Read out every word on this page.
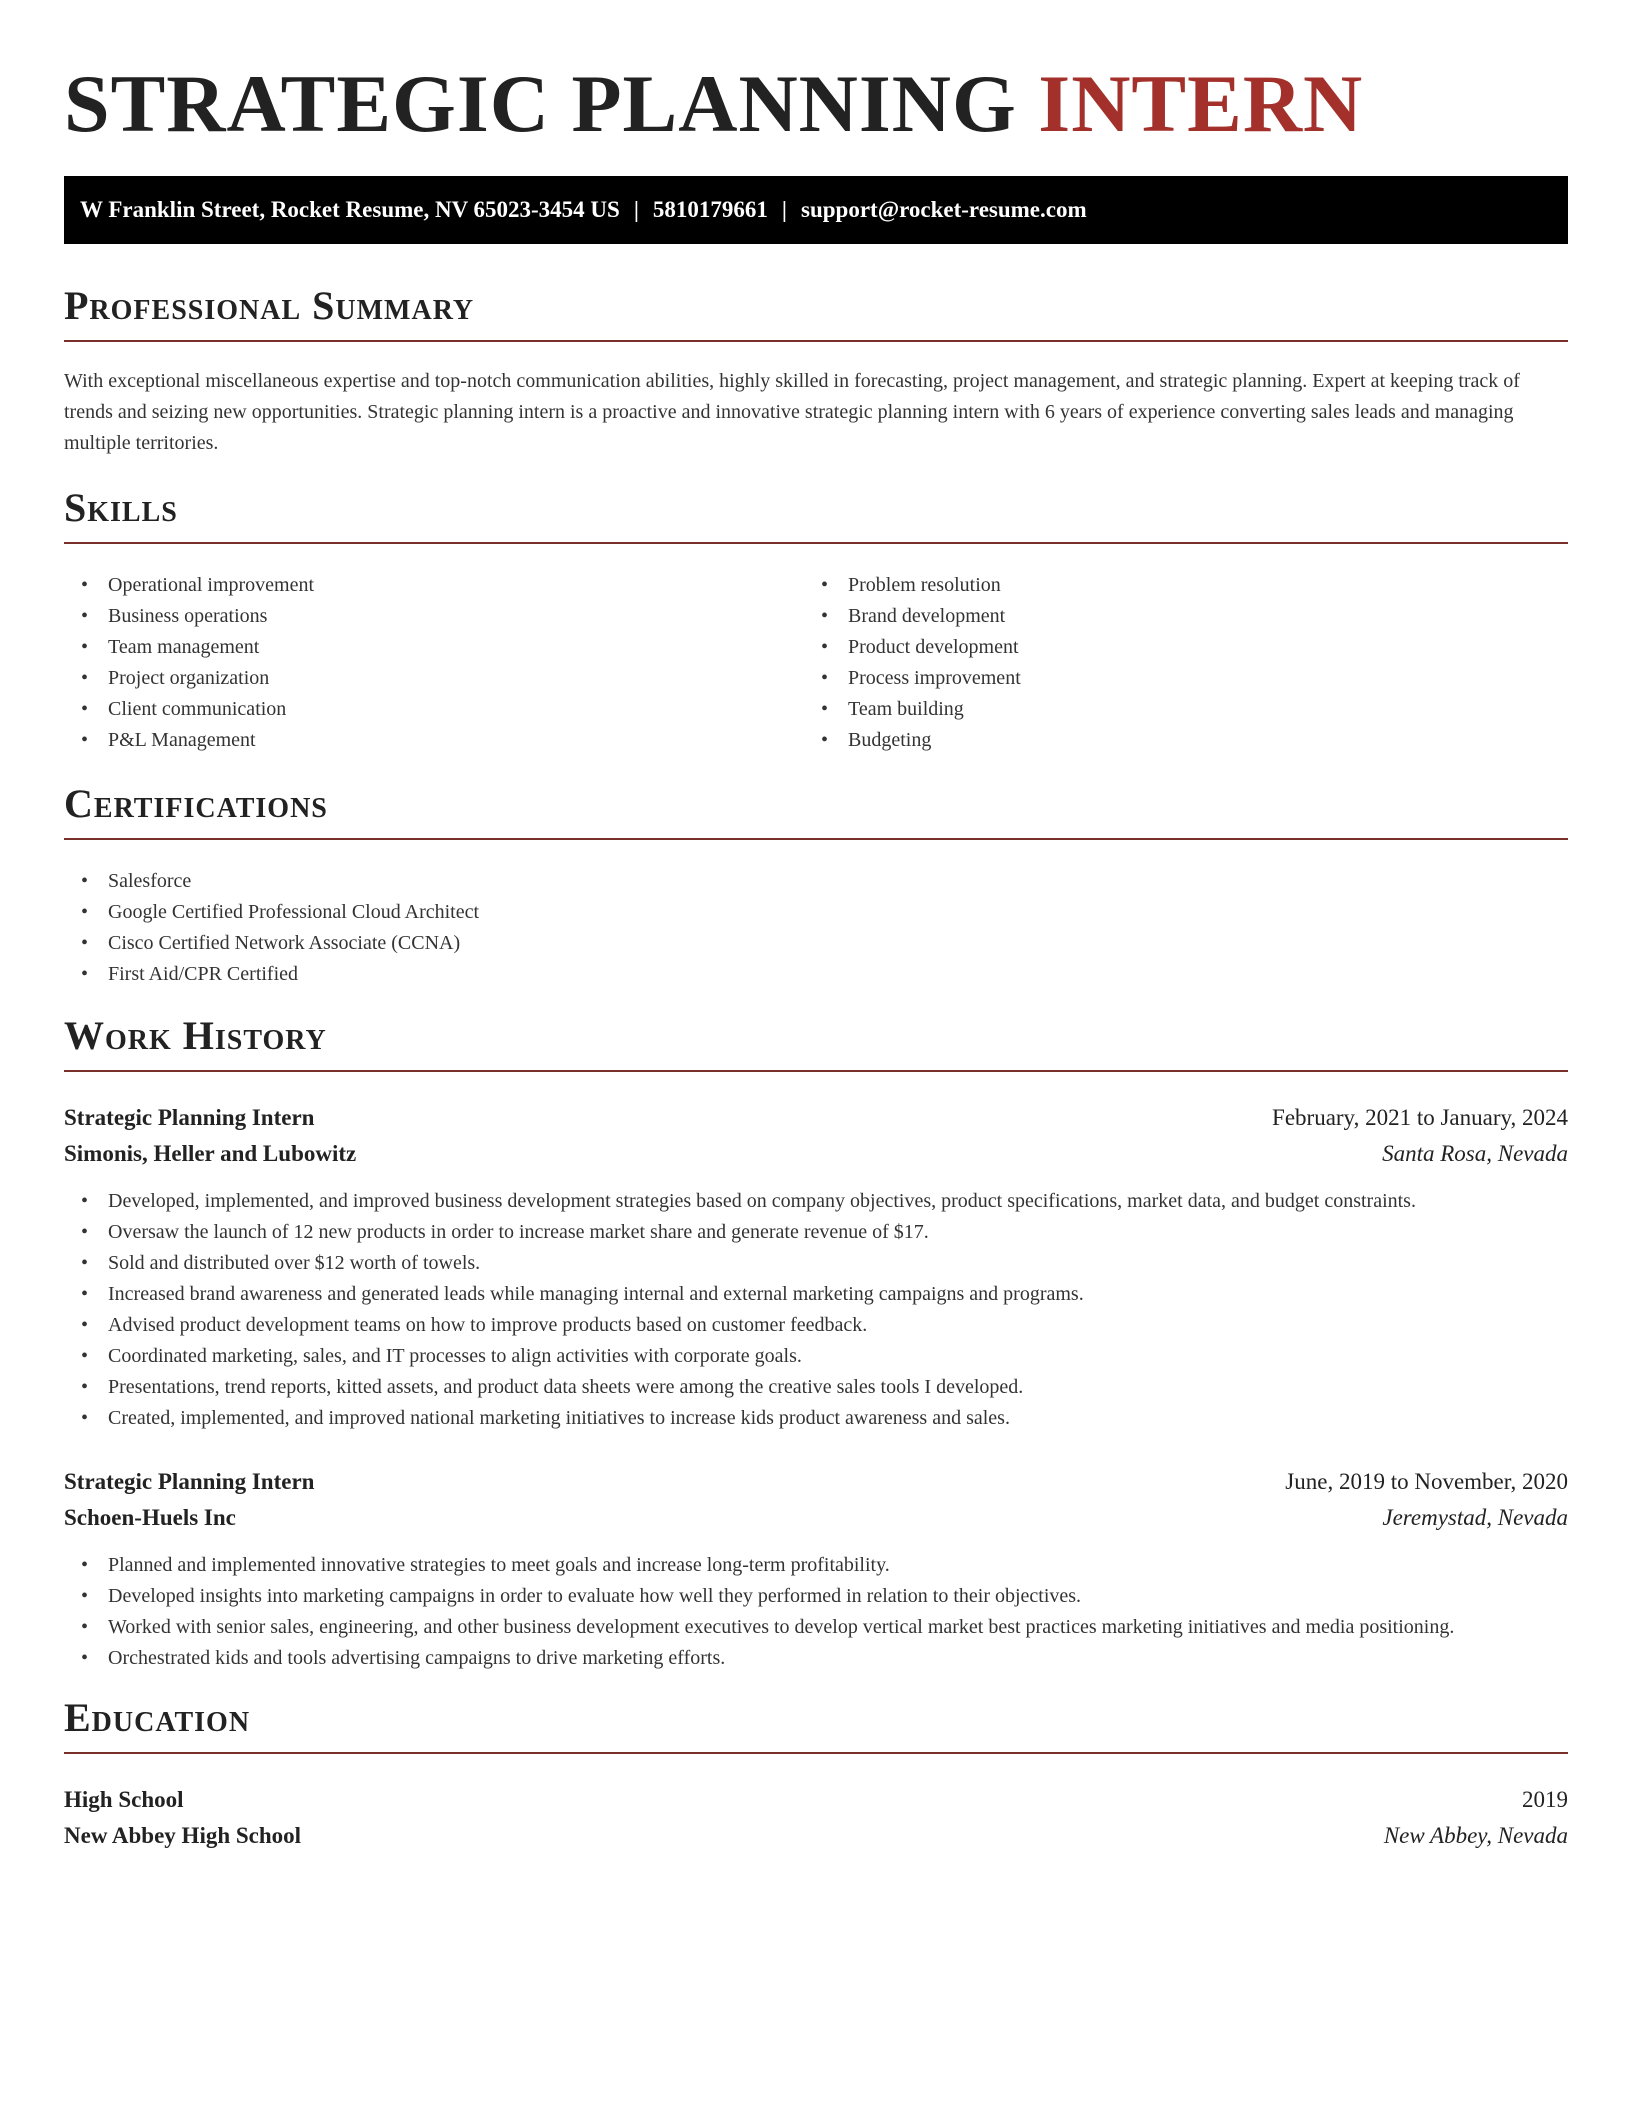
STRATEGIC PLANNING INTERN
W Franklin Street, Rocket Resume, NV 65023-3454 US | 5810179661 | support@rocket-resume.com
Professional Summary

With exceptional miscellaneous expertise and top-notch communication abilities, highly skilled in forecasting, project management, and strategic planning. Expert at keeping track of trends and seizing new opportunities. Strategic planning intern is a proactive and innovative strategic planning intern with 6 years of experience converting sales leads and managing multiple territories.

Skills
• Operational improvement
• Business operations
• Team management
• Project organization
• Client communication
• P&L Management
• Problem resolution
• Brand development
• Product development
• Process improvement
• Team building
• Budgeting
Certifications
• Salesforce
• Google Certified Professional Cloud Architect
• Cisco Certified Network Associate (CCNA)
• First Aid/CPR Certified
Work History
Strategic Planning Intern	February, 2021 to January, 2024
Simonis, Heller and Lubowitz	Santa Rosa, Nevada
• Developed, implemented, and improved business development strategies based on company objectives, product specifications, market data, and budget constraints.
• Oversaw the launch of 12 new products in order to increase market share and generate revenue of $17.
• Sold and distributed over $12 worth of towels.
• Increased brand awareness and generated leads while managing internal and external marketing campaigns and programs.
• Advised product development teams on how to improve products based on customer feedback.
• Coordinated marketing, sales, and IT processes to align activities with corporate goals.
• Presentations, trend reports, kitted assets, and product data sheets were among the creative sales tools I developed.
• Created, implemented, and improved national marketing initiatives to increase kids product awareness and sales.
Strategic Planning Intern	June, 2019 to November, 2020
Schoen-Huels Inc	Jeremystad, Nevada
• Planned and implemented innovative strategies to meet goals and increase long-term profitability.
• Developed insights into marketing campaigns in order to evaluate how well they performed in relation to their objectives.
• Worked with senior sales, engineering, and other business development executives to develop vertical market best practices marketing initiatives and media positioning.
• Orchestrated kids and tools advertising campaigns to drive marketing efforts.
Education
High School	2019
New Abbey High School	New Abbey, Nevada
